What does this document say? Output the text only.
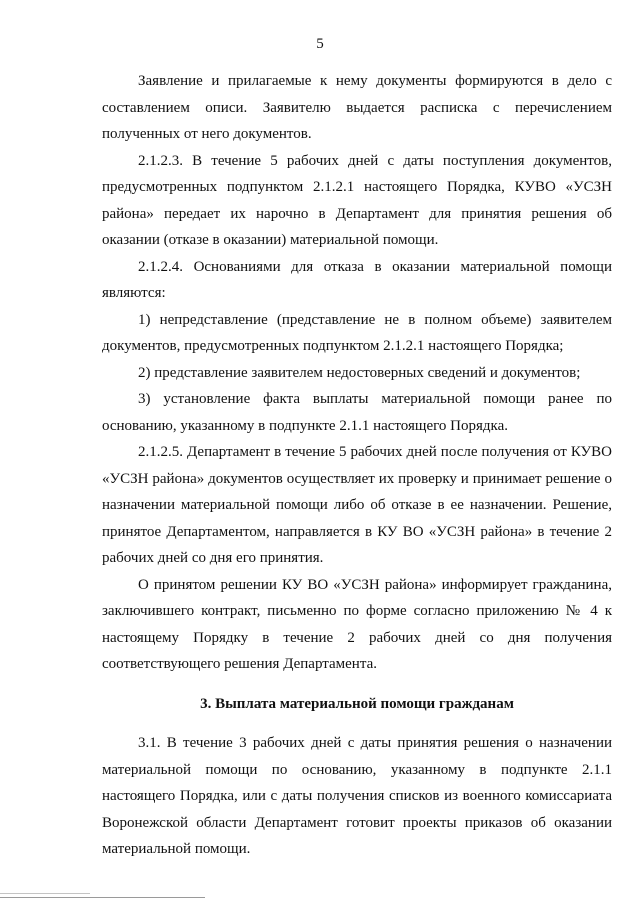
5

Заявление и прилагаемые к нему документы формируются в дело с составлением описи. Заявителю выдается расписка с перечислением полученных от него документов.

2.1.2.3. В течение 5 рабочих дней с даты поступления документов, предусмотренных подпунктом 2.1.2.1 настоящего Порядка, КУВО «УСЗН района» передает их нарочно в Департамент для принятия решения об оказании (отказе в оказании) материальной помощи.

2.1.2.4. Основаниями для отказа в оказании материальной помощи являются:

1) непредставление (представление не в полном объеме) заявителем документов, предусмотренных подпунктом 2.1.2.1 настоящего Порядка;

2) представление заявителем недостоверных сведений и документов;

3) установление факта выплаты материальной помощи ранее по основанию, указанному в подпункте 2.1.1 настоящего Порядка.

2.1.2.5. Департамент в течение 5 рабочих дней после получения от КУВО «УСЗН района» документов осуществляет их проверку и принимает решение о назначении материальной помощи либо об отказе в ее назначении. Решение, принятое Департаментом, направляется в КУ ВО «УСЗН района» в течение 2 рабочих дней со дня его принятия.

О принятом решении КУ ВО «УСЗН района» информирует гражданина, заключившего контракт, письменно по форме согласно приложению № 4 к настоящему Порядку в течение 2 рабочих дней со дня получения соответствующего решения Департамента.

3. Выплата материальной помощи гражданам

3.1. В течение 3 рабочих дней с даты принятия решения о назначении материальной помощи по основанию, указанному в подпункте 2.1.1 настоящего Порядка, или с даты получения списков из военного комиссариата Воронежской области Департамент готовит проекты приказов об оказании материальной помощи.
